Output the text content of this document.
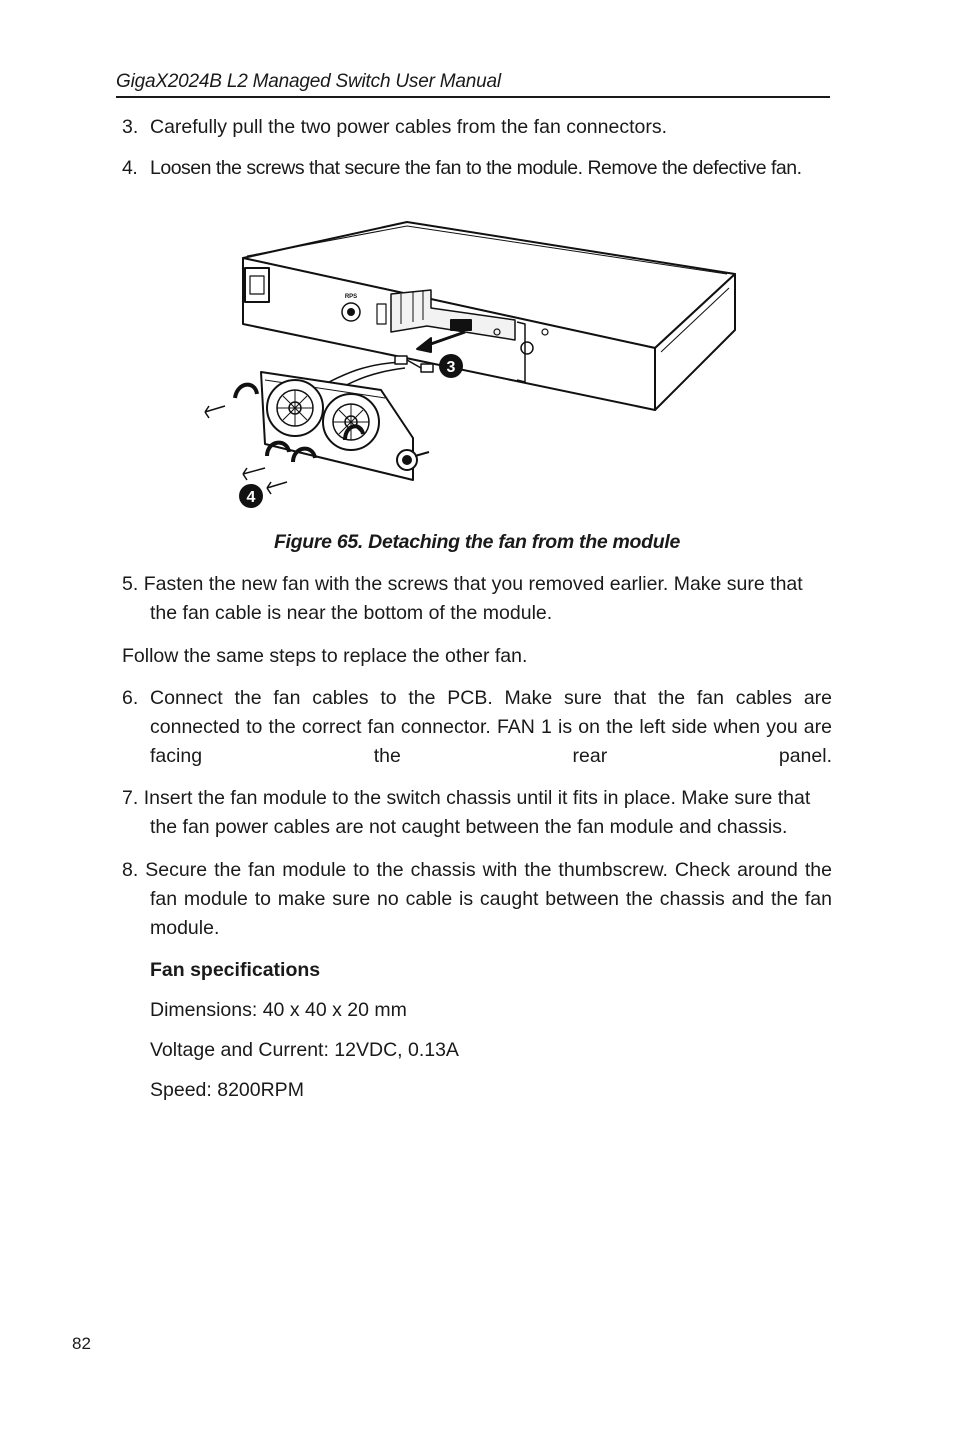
GigaX2024B L2 Managed Switch User Manual
3. Carefully pull the two power cables from the fan connectors.
4. Loosen the screws that secure the fan to the module. Remove the defective fan.
3
4
RPS
Figure 65. Detaching the fan from the module
5. Fasten the new fan with the screws that you removed earlier. Make sure that the fan cable is near the bottom of the module.
Follow the same steps to replace the other fan.
6. Connect the fan cables to the PCB. Make sure that the fan cables are connected to the correct fan connector. FAN 1 is on the left side when you are facing the rear panel.
7. Insert the fan module to the switch chassis until it fits in place. Make sure that the fan power cables are not caught between the fan module and chassis.
8. Secure the fan module to the chassis with the thumbscrew. Check around the fan module to make sure no cable is caught between the chassis and the fan module.
Fan specifications
Dimensions: 40 x 40 x 20 mm
Voltage and Current: 12VDC, 0.13A
Speed: 8200RPM
82
